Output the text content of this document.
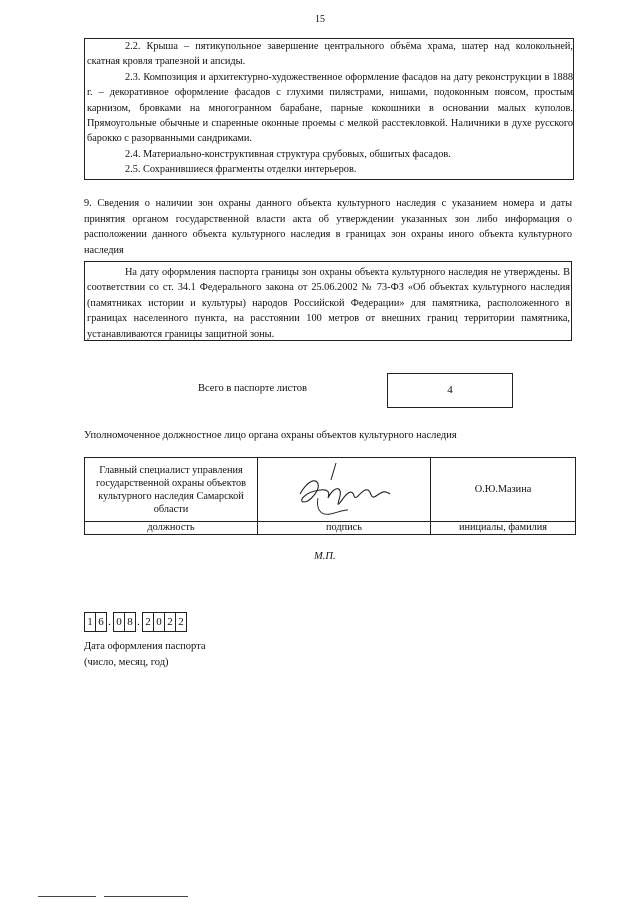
15

2.2. Крыша – пятикупольное завершение центрального объёма храма, шатер над колокольней, скатная кровля трапезной и апсиды.

2.3. Композиция и архитектурно-художественное оформление фасадов на дату реконструкции в 1888 г. – декоративное оформление фасадов с глухими пилястрами, нишами, подоконным поясом, простым карнизом, бровками на многогранном барабане, парные кокошники в основании малых куполов. Прямоугольные обычные и спаренные оконные проемы с мелкой расстекловкой. Наличники в духе русского барокко с разорванными сандриками.

2.4. Материально-конструктивная структура срубовых, обшитых фасадов.

2.5. Сохранившиеся фрагменты отделки интерьеров.

9. Сведения о наличии зон охраны данного объекта культурного наследия с указанием номера и даты принятия органом государственной власти акта об утверждении указанных зон либо информация о расположении данного объекта культурного наследия в границах зон охраны иного объекта культурного наследия

На дату оформления паспорта границы зон охраны объекта культурного наследия не утверждены. В соответствии со ст. 34.1 Федерального закона от 25.06.2002 № 73-ФЗ «Об объектах культурного наследия (памятниках истории и культуры) народов Российской Федерации» для памятника, расположенного в границах населенного пункта, на расстоянии 100 метров от внешних границ территории памятника, устанавливаются границы защитной зоны.

Всего в паспорте листов	4
Уполномоченное должностное лицо органа охраны объектов культурного наследия
Главный специалист управления государственной охраны объектов культурного наследия Самарской области		О.Ю.Мазина
должность	подпись	инициалы, фамилия
М.П.
1 6 . 0 8 . 2 0 2 2
Дата оформления паспорта
(число, месяц, год)
